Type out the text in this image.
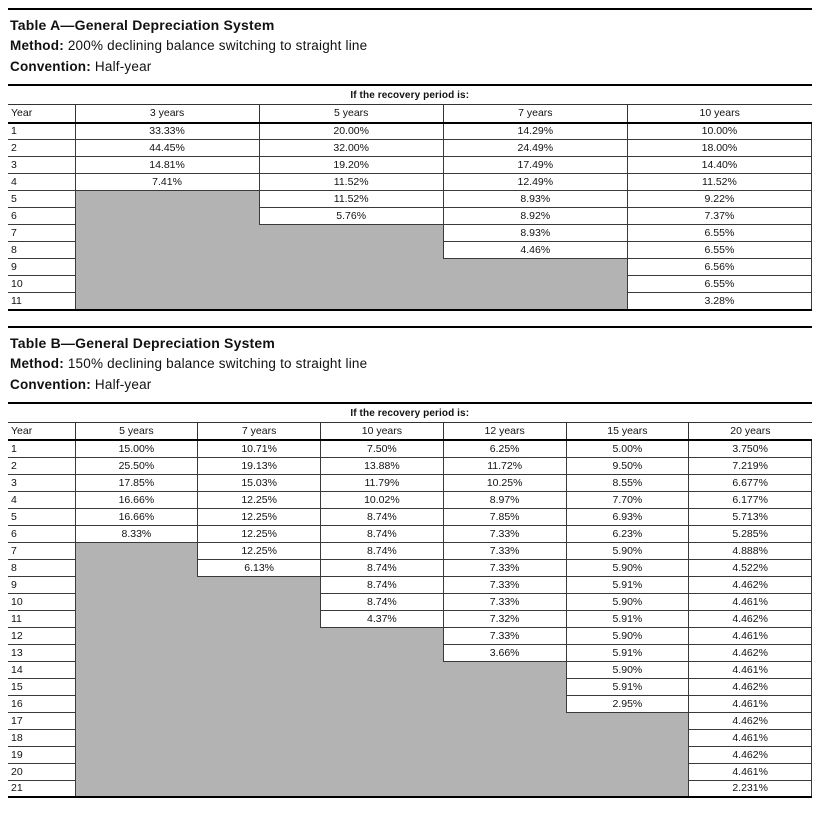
Table A—General Depreciation System

Method: 200% declining balance switching to straight line

Convention: Half-year

If the recovery period is:				
Year	3 years	5 years	7 years	10 years
1	33.33%	20.00%	14.29%	10.00%
2	44.45%	32.00%	24.49%	18.00%
3	14.81%	19.20%	17.49%	14.40%
4	7.41%	11.52%	12.49%	11.52%
5		11.52%	8.93%	9.22%
6		5.76%	8.92%	7.37%
7			8.93%	6.55%
8			4.46%	6.55%
9				6.56%
10				6.55%
11				3.28%
Table B—General Depreciation System

Method: 150% declining balance switching to straight line

Convention: Half-year

If the recovery period is:						
Year	5 years	7 years	10 years	12 years	15 years	20 years
1	15.00%	10.71%	7.50%	6.25%	5.00%	3.750%
2	25.50%	19.13%	13.88%	11.72%	9.50%	7.219%
3	17.85%	15.03%	11.79%	10.25%	8.55%	6.677%
4	16.66%	12.25%	10.02%	8.97%	7.70%	6.177%
5	16.66%	12.25%	8.74%	7.85%	6.93%	5.713%
6	8.33%	12.25%	8.74%	7.33%	6.23%	5.285%
7		12.25%	8.74%	7.33%	5.90%	4.888%
8		6.13%	8.74%	7.33%	5.90%	4.522%
9			8.74%	7.33%	5.91%	4.462%
10			8.74%	7.33%	5.90%	4.461%
11			4.37%	7.32%	5.91%	4.462%
12				7.33%	5.90%	4.461%
13				3.66%	5.91%	4.462%
14					5.90%	4.461%
15					5.91%	4.462%
16					2.95%	4.461%
17						4.462%
18						4.461%
19						4.462%
20						4.461%
21						2.231%
